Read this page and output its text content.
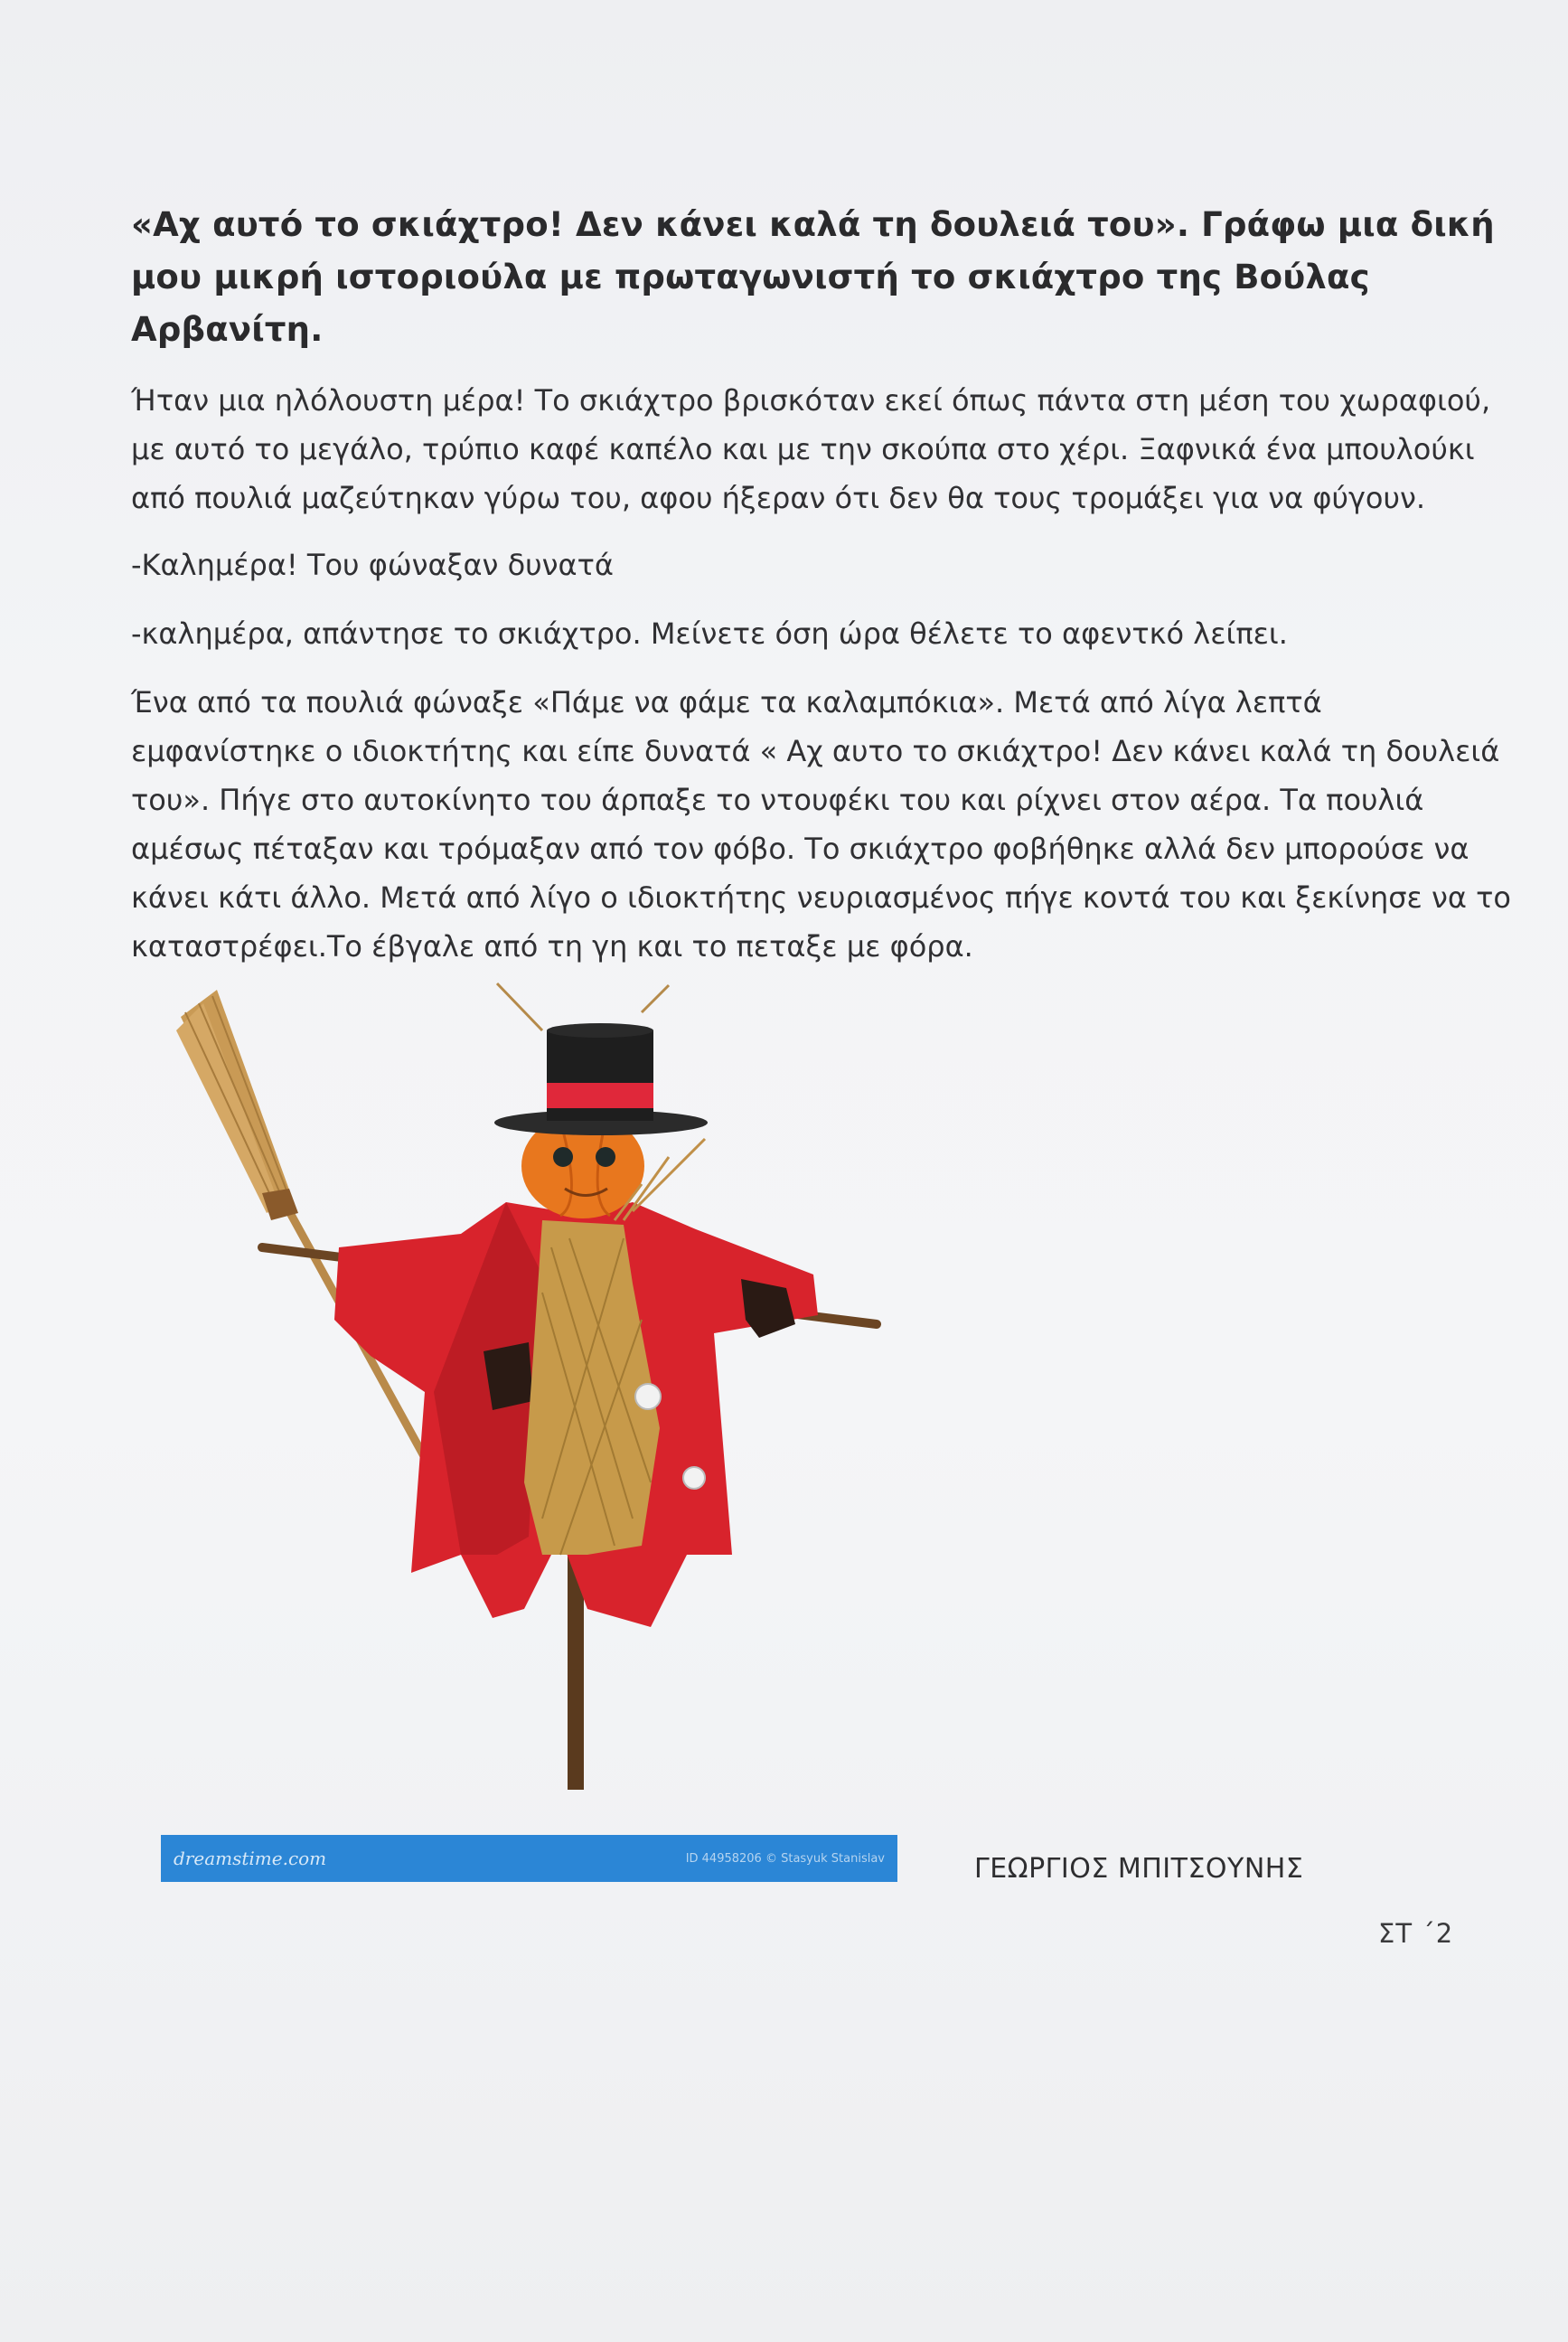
«Αχ αυτό το σκιάχτρο! Δεν κάνει καλά τη δουλειά του». Γράφω μια δική μου μικρή ιστοριούλα με πρωταγωνιστή το σκιάχτρο της Βούλας Αρβανίτη.

Ήταν μια ηλόλουστη μέρα! Το σκιάχτρο βρισκόταν εκεί όπως πάντα στη μέση του χωραφιού, με αυτό το μεγάλο, τρύπιο καφέ καπέλο και με την σκούπα στο χέρι. Ξαφνικά ένα μπουλούκι από πουλιά μαζεύτηκαν γύρω του, αφου ήξεραν ότι δεν θα τους τρομάξει για να φύγουν.

-Καλημέρα! Του φώναξαν δυνατά

-καλημέρα, απάντησε το σκιάχτρο. Μείνετε όση ώρα θέλετε το αφεντκό λείπει.

Ένα από τα πουλιά φώναξε «Πάμε να φάμε τα καλαμπόκια». Μετά από λίγα λεπτά εμφανίστηκε ο ιδιοκτήτης και είπε δυνατά « Αχ αυτο το σκιάχτρο! Δεν κάνει καλά τη δουλειά του». Πήγε στο αυτοκίνητο του άρπαξε το ντουφέκι του και ρίχνει στον αέρα. Τα πουλιά αμέσως πέταξαν και τρόμαξαν από τον φόβο. Το σκιάχτρο φοβήθηκε αλλά δεν μπορούσε να κάνει κάτι άλλο. Μετά από λίγο ο ιδιοκτήτης νευριασμένος πήγε κοντά του και ξεκίνησε να το καταστρέφει.Το έβγαλε από τη γη και το πεταξε με φόρα.

dreamstime.com	ID 44958206 © Stasyuk Stanislav	ΓΕΩΡΓΙΟΣ ΜΠΙΤΣΟΥΝΗΣ
ΣΤ ΄2
